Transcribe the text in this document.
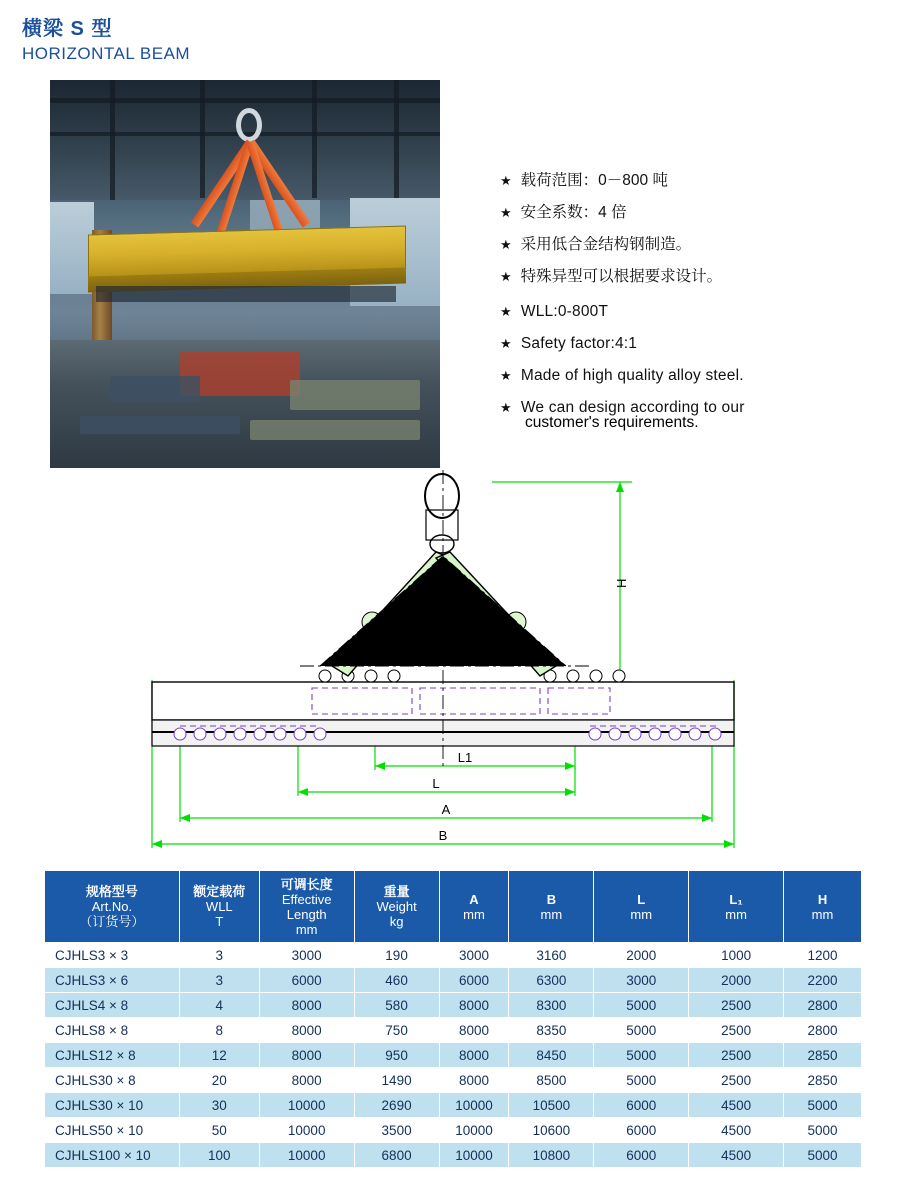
横梁 S 型
HORIZONTAL BEAM
★ 载荷范围：0－800 吨
★ 安全系数：4 倍
★ 采用低合金结构钢制造。
★ 特殊异型可以根据要求设计。
★ WLL:0-800T
★ Safety factor:4:1
★ Made of high quality alloy steel.
★ We can design according to our
customer's requirements.
H
L1
L
A
B
规格型号
Art.No.
（订货号）

额定载荷
WLL
T

可调长度
Effective
Length
mm

重量
Weight
kg

A
mm

B
mm

L
mm

L₁
mm

H
mm

CJHLS3 × 3	3	3000	190	3000	3160	2000	1000	1200
CJHLS3 × 6	3	6000	460	6000	6300	3000	2000	2200
CJHLS4 × 8	4	8000	580	8000	8300	5000	2500	2800
CJHLS8 × 8	8	8000	750	8000	8350	5000	2500	2800
CJHLS12 × 8	12	8000	950	8000	8450	5000	2500	2850
CJHLS30 × 8	20	8000	1490	8000	8500	5000	2500	2850
CJHLS30 × 10	30	10000	2690	10000	10500	6000	4500	5000
CJHLS50 × 10	50	10000	3500	10000	10600	6000	4500	5000
CJHLS100 × 10	100	10000	6800	10000	10800	6000	4500	5000
shop1441549910016451688.com
